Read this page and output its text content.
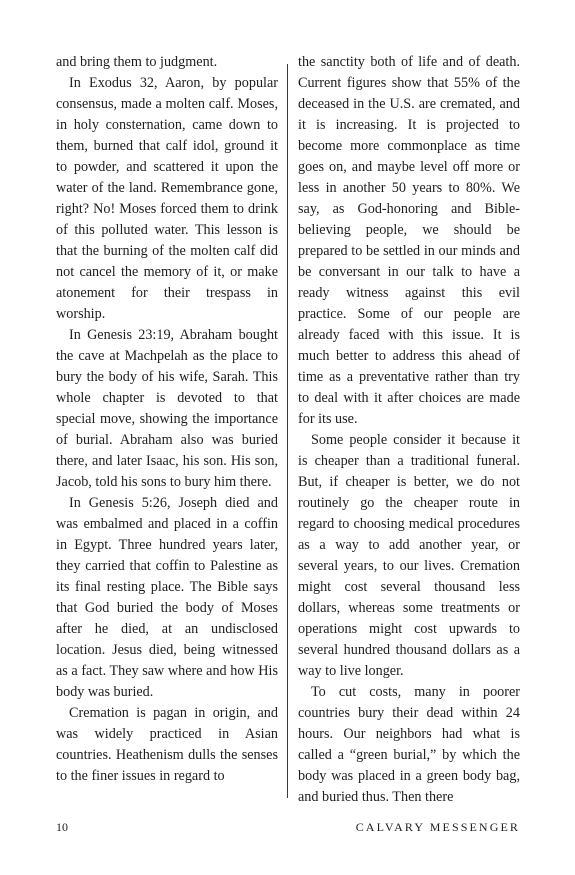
and bring them to judgment.

In Exodus 32, Aaron, by popular consensus, made a molten calf. Moses, in holy consternation, came down to them, burned that calf idol, ground it to powder, and scattered it upon the water of the land. Remembrance gone, right? No! Moses forced them to drink of this polluted water. This lesson is that the burning of the molten calf did not cancel the memory of it, or make atonement for their trespass in worship.

In Genesis 23:19, Abraham bought the cave at Machpelah as the place to bury the body of his wife, Sarah. This whole chapter is devoted to that special move, showing the importance of burial. Abraham also was buried there, and later Isaac, his son. His son, Jacob, told his sons to bury him there.

In Genesis 5:26, Joseph died and was embalmed and placed in a coffin in Egypt. Three hundred years later, they carried that coffin to Palestine as its final resting place. The Bible says that God buried the body of Moses after he died, at an undisclosed location. Jesus died, being witnessed as a fact. They saw where and how His body was buried.

Cremation is pagan in origin, and was widely practiced in Asian countries. Heathenism dulls the senses to the finer issues in regard to

the sanctity both of life and of death. Current figures show that 55% of the deceased in the U.S. are cremated, and it is increasing. It is projected to become more commonplace as time goes on, and maybe level off more or less in another 50 years to 80%. We say, as God-honoring and Bible-believing people, we should be prepared to be settled in our minds and be conversant in our talk to have a ready witness against this evil practice. Some of our people are already faced with this issue. It is much better to address this ahead of time as a preventative rather than try to deal with it after choices are made for its use.

Some people consider it because it is cheaper than a traditional funeral. But, if cheaper is better, we do not routinely go the cheaper route in regard to choosing medical procedures as a way to add another year, or several years, to our lives. Cremation might cost several thousand less dollars, whereas some treatments or operations might cost upwards to several hundred thousand dollars as a way to live longer.

To cut costs, many in poorer countries bury their dead within 24 hours. Our neighbors had what is called a “green burial,” by which the body was placed in a green body bag, and buried thus. Then there

10	CALVARY MESSENGER
